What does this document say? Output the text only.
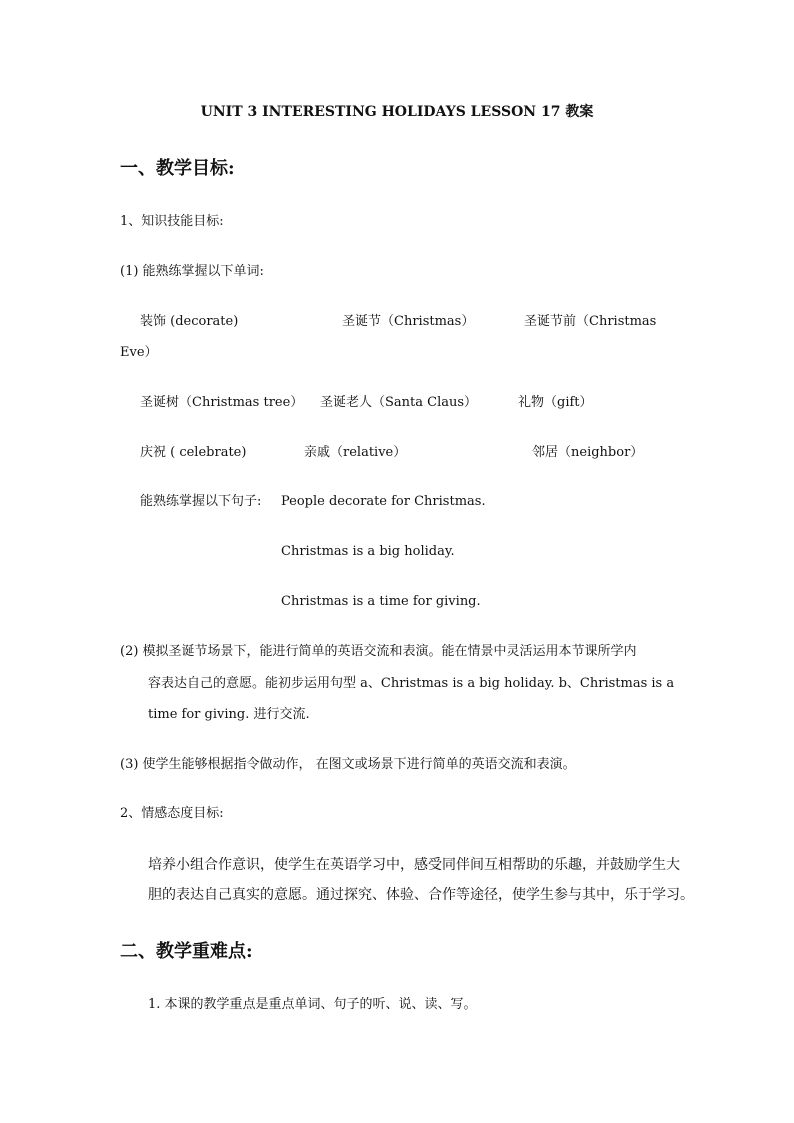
UNIT 3 INTERESTING HOLIDAYS LESSON 17 教案
一、教学目标:
1、知识技能目标:
(1) 能熟练掌握以下单词:
装饰 (decorate)	圣诞节（Christmas）	圣诞节前（Christmas
Eve）
圣诞树（Christmas tree） 圣诞老人（Santa Claus）	礼物（gift）
庆祝 ( celebrate)	亲戚（relative）	邻居（neighbor）
能熟练掌握以下句子: People decorate for Christmas.
Christmas is a big holiday.
Christmas is a time for giving.
(2) 模拟圣诞节场景下，能进行简单的英语交流和表演。能在情景中灵活运用本节课所学内
容表达自己的意愿。能初步运用句型 a、Christmas is a big holiday. b、Christmas is a
time for giving. 进行交流.
(3) 使学生能够根据指令做动作， 在图文或场景下进行简单的英语交流和表演。
2、情感态度目标:
培养小组合作意识，使学生在英语学习中，感受同伴间互相帮助的乐趣，并鼓励学生大
胆的表达自己真实的意愿。通过探究、体验、合作等途径，使学生参与其中，乐于学习。
二、教学重难点:
1. 本课的教学重点是重点单词、句子的听、说、读、写。
